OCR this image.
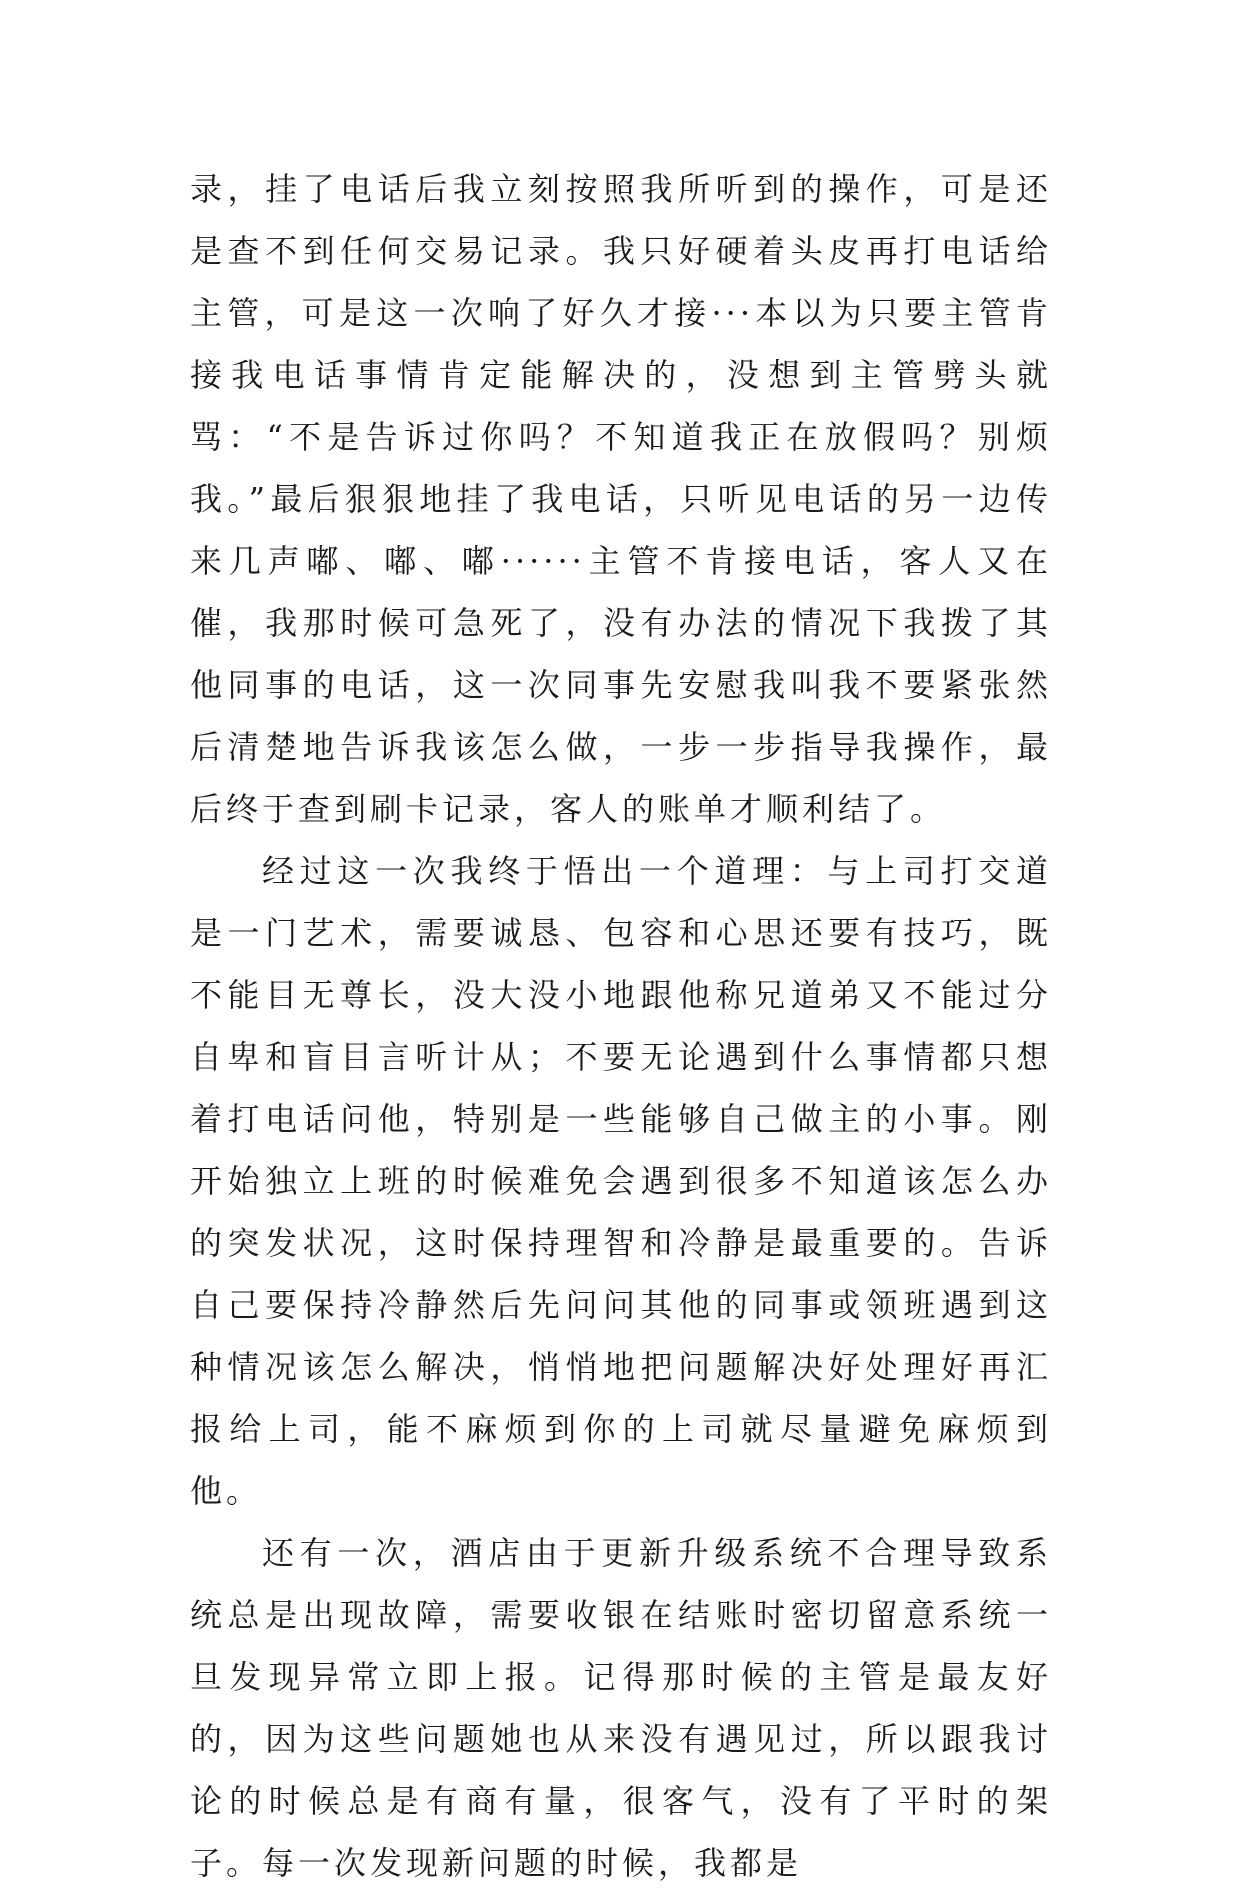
录，挂了电话后我立刻按照我所听到的操作，可是还是查不到任何交易记录。我只好硬着头皮再打电话给主管，可是这一次响了好久才接···本以为只要主管肯接我电话事情肯定能解决的，没想到主管劈头就骂：“不是告诉过你吗？不知道我正在放假吗？别烦我。”最后狠狠地挂了我电话，只听见电话的另一边传来几声嘟、嘟、嘟······主管不肯接电话，客人又在催，我那时候可急死了，没有办法的情况下我拨了其他同事的电话，这一次同事先安慰我叫我不要紧张然后清楚地告诉我该怎么做，一步一步指导我操作，最后终于查到刷卡记录，客人的账单才顺利结了。

经过这一次我终于悟出一个道理：与上司打交道是一门艺术，需要诚恳、包容和心思还要有技巧，既不能目无尊长，没大没小地跟他称兄道弟又不能过分自卑和盲目言听计从；不要无论遇到什么事情都只想着打电话问他，特别是一些能够自己做主的小事。刚开始独立上班的时候难免会遇到很多不知道该怎么办的突发状况，这时保持理智和冷静是最重要的。告诉自己要保持冷静然后先问问其他的同事或领班遇到这种情况该怎么解决，悄悄地把问题解决好处理好再汇报给上司，能不麻烦到你的上司就尽量避免麻烦到他。

还有一次，酒店由于更新升级系统不合理导致系统总是出现故障，需要收银在结账时密切留意系统一旦发现异常立即上报。记得那时候的主管是最友好的，因为这些问题她也从来没有遇见过，所以跟我讨论的时候总是有商有量，很客气，没有了平时的架子。每一次发现新问题的时候，我都是
